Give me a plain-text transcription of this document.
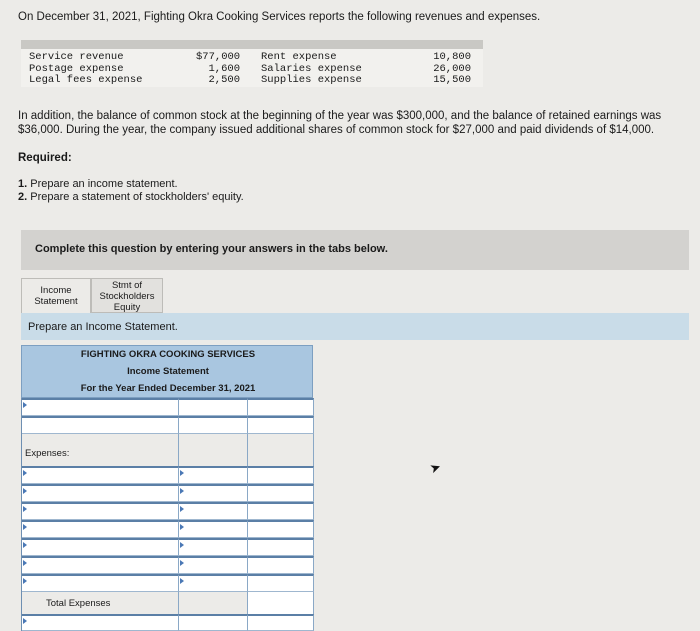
On December 31, 2021, Fighting Okra Cooking Services reports the following revenues and expenses.
Service revenue
Postage expense
Legal fees expense
$77,000
1,600
2,500
Rent expense
Salaries expense
Supplies expense
10,800
26,000
15,500
In addition, the balance of common stock at the beginning of the year was $300,000, and the balance of retained earnings was $36,000. During the year, the company issued additional shares of common stock for $27,000 and paid dividends of $14,000.
Required:
1. Prepare an income statement.
2. Prepare a statement of stockholders' equity.
Complete this question by entering your answers in the tabs below.
Income
Statement
Stmt of
Stockholders
Equity
Prepare an Income Statement.
FIGHTING OKRA COOKING SERVICES
Income Statement
For the Year Ended December 31, 2021
Expenses:
Total Expenses
➤
